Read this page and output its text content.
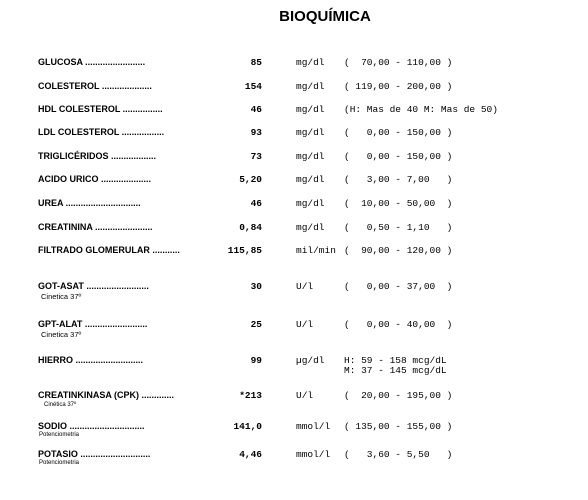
BIOQUÍMICA
GLUCOSA ........................	85	mg/dl (  70,00 - 110,00 )
COLESTEROL ....................	154	mg/dl ( 119,00 - 200,00 )
HDL COLESTEROL ................	46	mg/dl (H: Mas de 40 M: Mas de 50)
LDL COLESTEROL .................	93	mg/dl (   0,00 - 150,00 )
TRIGLICÉRIDOS ..................	73	mg/dl (   0,00 - 150,00 )
ACIDO URICO ....................	5,20	mg/dl (   3,00 - 7,00   )
UREA ..............................	46	mg/dl (  10,00 - 50,00  )
CREATININA .......................	0,84	mg/dl (   0,50 - 1,10   )
FILTRADO GLOMERULAR ...........	115,85	mil/min (  90,00 - 120,00 )
GOT-ASAT .........................
Cinetica 37º
30	U/l	(   0,00 - 37,00  )
GPT-ALAT .........................
Cinetica 37º
25	U/l	(   0,00 - 40,00  )
HIERRO ...........................	99	µg/dl H: 59 - 158 mcg/dL
M: 37 - 145 mcg/dL
CREATINKINASA (CPK) .............
Cinética 37º
*213	U/l	(  20,00 - 195,00 )
SODIO ..............................
Potenciometria
141,0	mmol/l ( 135,00 - 155,00 )
POTASIO ............................
Potenciometria
4,46	mmol/l (   3,60 - 5,50   )
